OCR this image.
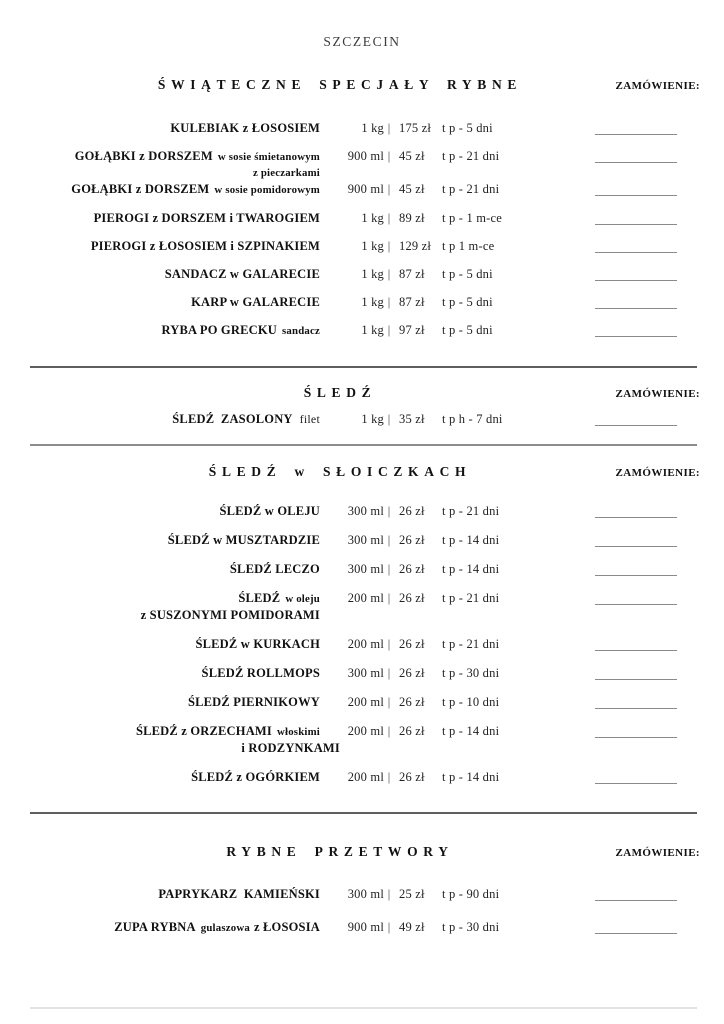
SZCZECIN
ŚWIĄTECZNE SPECJAŁY RYBNE	ZAMÓWIENIE:
KULEBIAK z ŁOSOSIEM	1 kg | 175 zł t p - 5 dni
GOŁĄBKI z DORSZEM w sosie śmietanowym
z pieczarkami
900 ml | 45 zł	t p - 21 dni
GOŁĄBKI z DORSZEM w sosie pomidorowym	900 ml | 45 zł	t p - 21 dni
PIEROGI z DORSZEM i TWAROGIEM	1 kg | 89 zł	t p - 1 m-ce
PIEROGI z ŁOSOSIEM i SZPINAKIEM	1 kg | 129 zł t p 1 m-ce
SANDACZ w GALARECIE	1 kg | 87 zł	t p - 5 dni
KARP w GALARECIE	1 kg | 87 zł	t p - 5 dni
RYBA PO GRECKU sandacz	1 kg | 97 zł	t p - 5 dni
ŚLEDŹ	ZAMÓWIENIE:
ŚLEDŹ  ZASOLONY filet	1 kg | 35 zł	t p h - 7 dni
ŚLEDŹ w SŁOICZKACH	ZAMÓWIENIE:
ŚLEDŹ w OLEJU	300 ml | 26 zł	t p - 21 dni
ŚLEDŹ w MUSZTARDZIE	300 ml | 26 zł	t p - 14 dni
ŚLEDŹ LECZO	300 ml | 26 zł	t p - 14 dni
ŚLEDŹ w oleju
z SUSZONYMI POMIDORAMI
200 ml | 26 zł	t p - 21 dni
ŚLEDŹ w KURKACH	200 ml | 26 zł	t p - 21 dni
ŚLEDŹ ROLLMOPS	300 ml | 26 zł	t p - 30 dni
ŚLEDŹ PIERNIKOWY	200 ml | 26 zł	t p - 10 dni
ŚLEDŹ z ORZECHAMI włoskimi
i RODZYNKAMI
200 ml | 26 zł	t p - 14 dni
ŚLEDŹ z OGÓRKIEM	200 ml | 26 zł	t p - 14 dni
RYBNE PRZETWORY	ZAMÓWIENIE:
PAPRYKARZ  KAMIEŃSKI	300 ml | 25 zł	t p - 90 dni
ZUPA RYBNA gulaszowa z ŁOSOSIA	900 ml | 49 zł	t p - 30 dni
